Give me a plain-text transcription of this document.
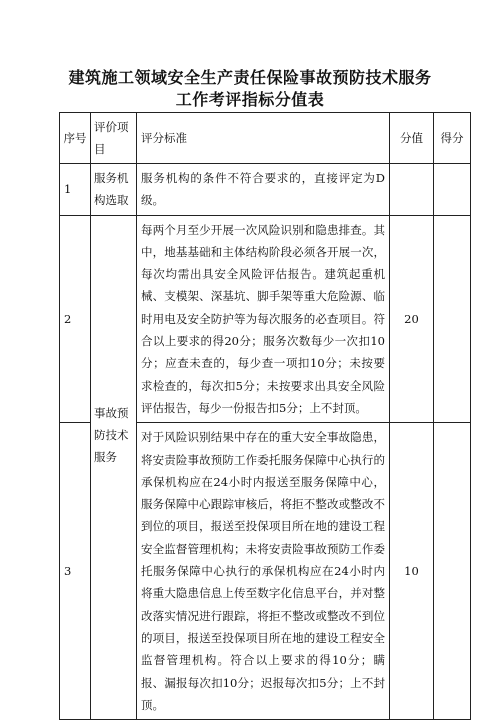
建筑施工领域安全生产责任保险事故预防技术服务
工作考评指标分值表
序号	评价项目	评分标准	分值	得分
1	服务机构选取	服务机构的条件不符合要求的，直接评定为D级。		
2	事故预防技术服务	每两个月至少开展一次风险识别和隐患排查。其中，地基基础和主体结构阶段必须各开展一次，每次均需出具安全风险评估报告。建筑起重机械、支模架、深基坑、脚手架等重大危险源、临时用电及安全防护等为每次服务的必查项目。符合以上要求的得20分；服务次数每少一次扣10分；应查未查的，每少查一项扣10分；未按要求检查的，每次扣5分；未按要求出具安全风险评估报告，每少一份报告扣5分；上不封顶。	20	
3		对于风险识别结果中存在的重大安全事故隐患，将安责险事故预防工作委托服务保障中心执行的承保机构应在24小时内报送至服务保障中心，服务保障中心跟踪审核后，将拒不整改或整改不到位的项目，报送至投保项目所在地的建设工程安全监督管理机构；未将安责险事故预防工作委托服务保障中心执行的承保机构应在24小时内将重大隐患信息上传至数字化信息平台，并对整改落实情况进行跟踪，将拒不整改或整改不到位的项目，报送至投保项目所在地的建设工程安全监督管理机构。符合以上要求的得10分；瞒报、漏报每次扣10分；迟报每次扣5分；上不封顶。	10	
